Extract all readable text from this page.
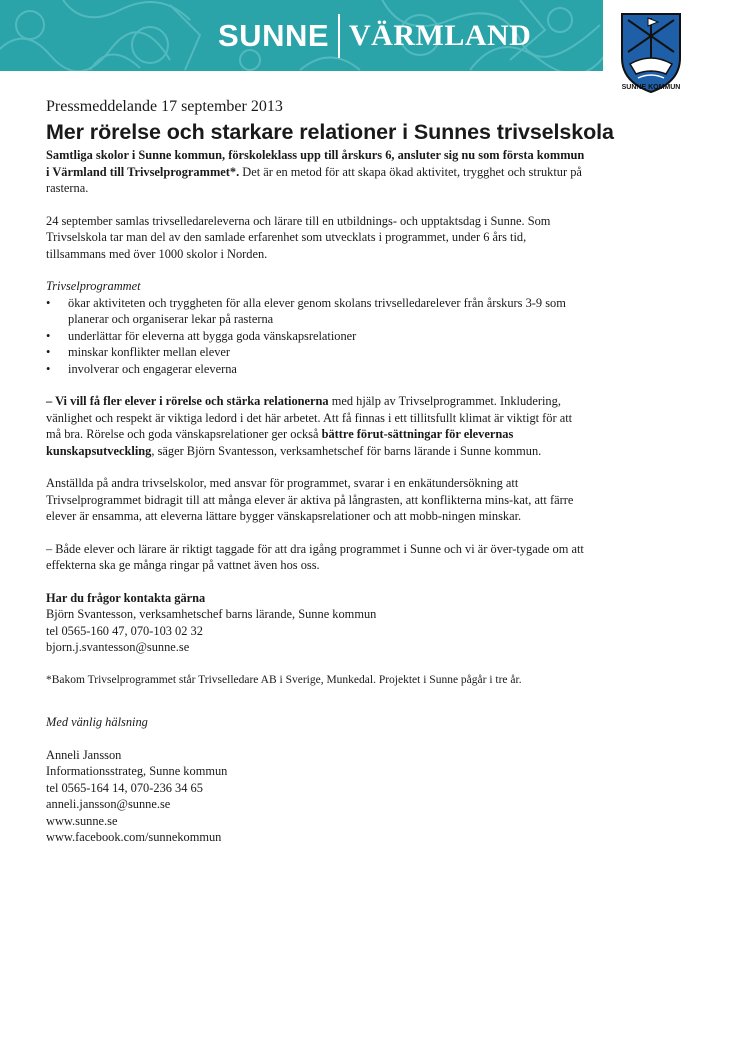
SUNNE VÄRMLAND
SUNNE KOMMUN
Pressmeddelande 17 september 2013
Mer rörelse och starkare relationer i Sunnes trivselskola

Samtliga skolor i Sunne kommun, förskoleklass upp till årskurs 6, ansluter sig nu som första kommun i Värmland till Trivselprogrammet*. Det är en metod för att skapa ökad aktivitet, trygghet och struktur på rasterna.

24 september samlas trivselledareleverna och lärare till en utbildnings- och upptaktsdag i Sunne. Som Trivselskola tar man del av den samlade erfarenhet som utvecklats i programmet, under 6 års tid, tillsammans med över 1000 skolor i Norden.

Trivselprogrammet
• ökar aktiviteten och tryggheten för alla elever genom skolans trivselledarelever från årskurs 3-9 som planerar och organiserar lekar på rasterna
• underlättar för eleverna att bygga goda vänskapsrelationer
• minskar konflikter mellan elever
• involverar och engagerar eleverna

– Vi vill få fler elever i rörelse och stärka relationerna med hjälp av Trivselprogrammet. Inkludering, vänlighet och respekt är viktiga ledord i det här arbetet. Att få finnas i ett tillitsfullt klimat är viktigt för att må bra. Rörelse och goda vänskapsrelationer ger också bättre förut-sättningar för elevernas kunskapsutveckling, säger Björn Svantesson, verksamhetschef för barns lärande i Sunne kommun.

Anställda på andra trivselskolor, med ansvar för programmet, svarar i en enkätundersökning att Trivselprogrammet bidragit till att många elever är aktiva på långrasten, att konflikterna mins-kat, att färre elever är ensamma, att eleverna lättare bygger vänskapsrelationer och att mobb-ningen minskar.

– Både elever och lärare är riktigt taggade för att dra igång programmet i Sunne och vi är över-tygade om att effekterna ska ge många ringar på vattnet även hos oss.

Har du frågor kontakta gärna
Björn Svantesson, verksamhetschef barns lärande, Sunne kommun
tel 0565-160 47, 070-103 02 32
bjorn.j.svantesson@sunne.se
*Bakom Trivselprogrammet står Trivselledare AB i Sverige, Munkedal. Projektet i Sunne pågår i tre år.
Med vänlig hälsning
Anneli Jansson
Informationsstrateg, Sunne kommun
tel 0565-164 14, 070-236 34 65
anneli.jansson@sunne.se
www.sunne.se
www.facebook.com/sunnekommun
